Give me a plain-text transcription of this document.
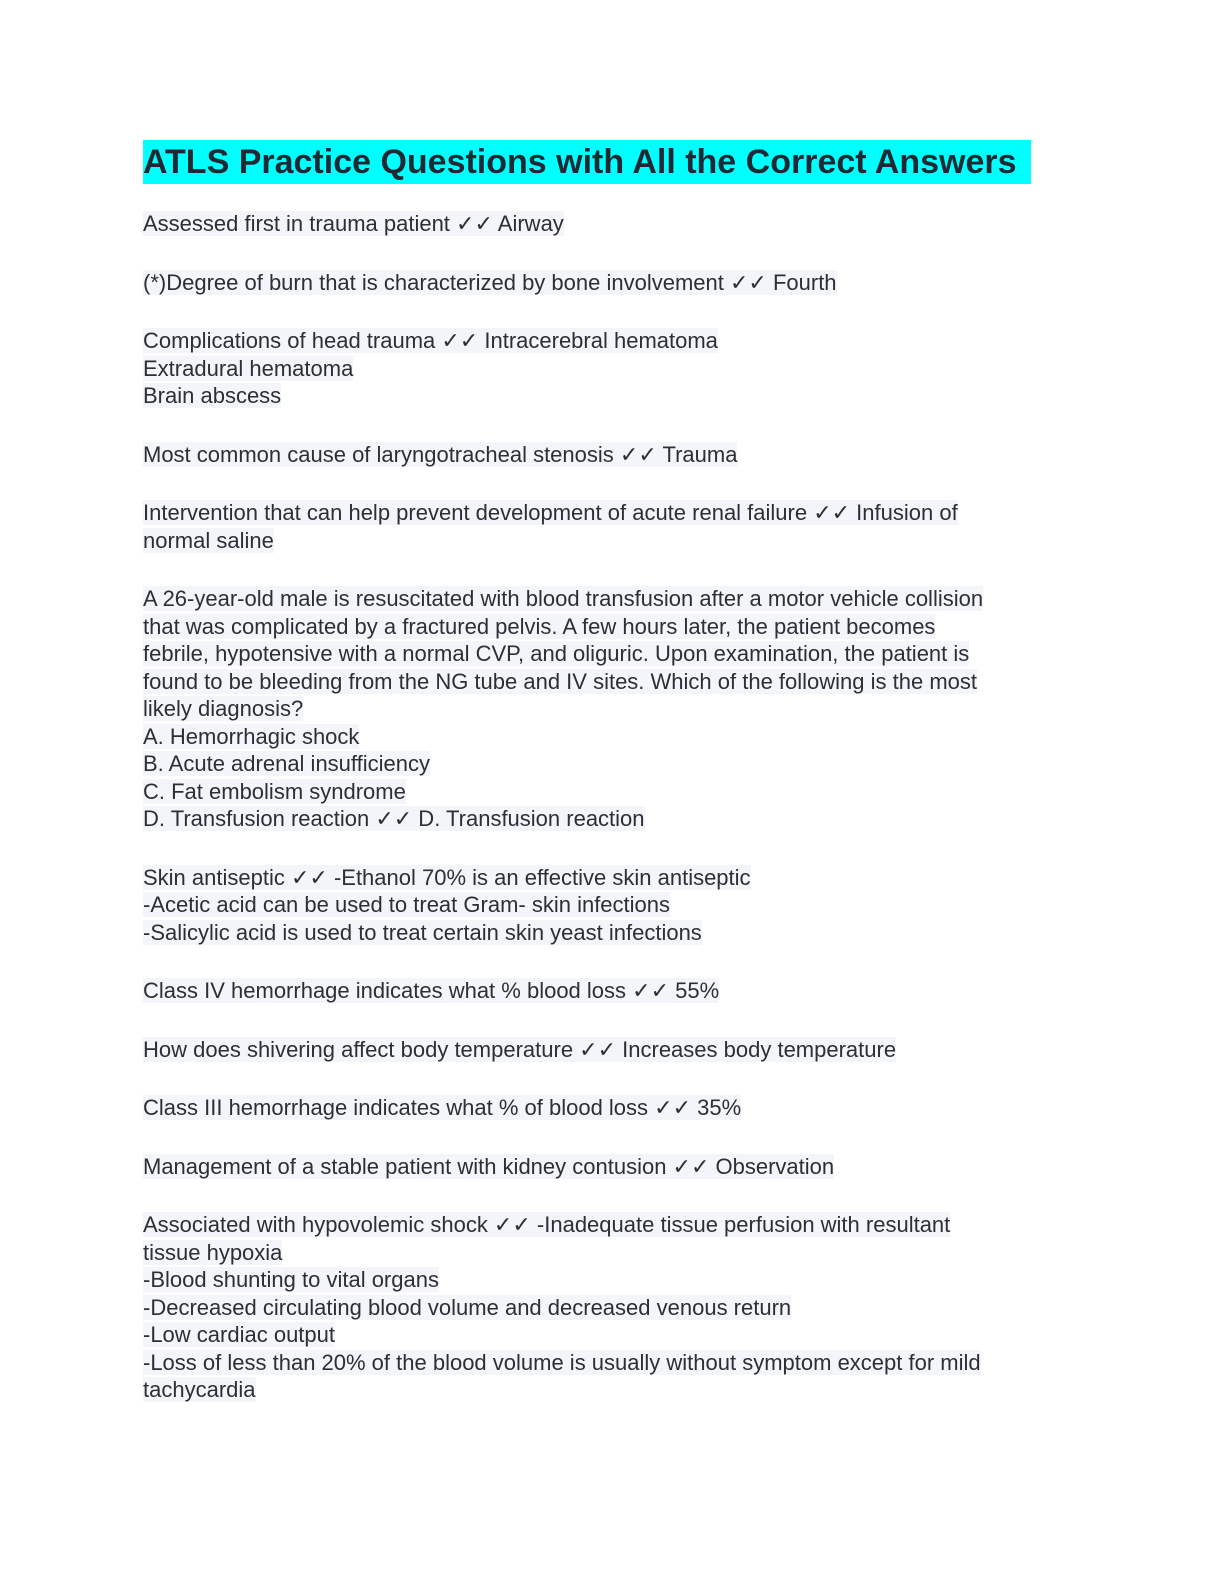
ATLS Practice Questions with All the Correct Answers
Assessed first in trauma patient ✓✓ Airway
(*)Degree of burn that is characterized by bone involvement ✓✓ Fourth
Complications of head trauma ✓✓ Intracerebral hematoma
Extradural hematoma
Brain abscess
Most common cause of laryngotracheal stenosis ✓✓ Trauma
Intervention that can help prevent development of acute renal failure ✓✓ Infusion of
normal saline
A 26-year-old male is resuscitated with blood transfusion after a motor vehicle collision
that was complicated by a fractured pelvis. A few hours later, the patient becomes
febrile, hypotensive with a normal CVP, and oliguric. Upon examination, the patient is
found to be bleeding from the NG tube and IV sites. Which of the following is the most
likely diagnosis?
A. Hemorrhagic shock
B. Acute adrenal insufficiency
C. Fat embolism syndrome
D. Transfusion reaction ✓✓ D. Transfusion reaction
Skin antiseptic ✓✓ -Ethanol 70% is an effective skin antiseptic
-Acetic acid can be used to treat Gram- skin infections
-Salicylic acid is used to treat certain skin yeast infections
Class IV hemorrhage indicates what % blood loss ✓✓ 55%
How does shivering affect body temperature ✓✓ Increases body temperature
Class III hemorrhage indicates what % of blood loss ✓✓ 35%
Management of a stable patient with kidney contusion ✓✓ Observation
Associated with hypovolemic shock ✓✓ -Inadequate tissue perfusion with resultant
tissue hypoxia
-Blood shunting to vital organs
-Decreased circulating blood volume and decreased venous return
-Low cardiac output
-Loss of less than 20% of the blood volume is usually without symptom except for mild
tachycardia
